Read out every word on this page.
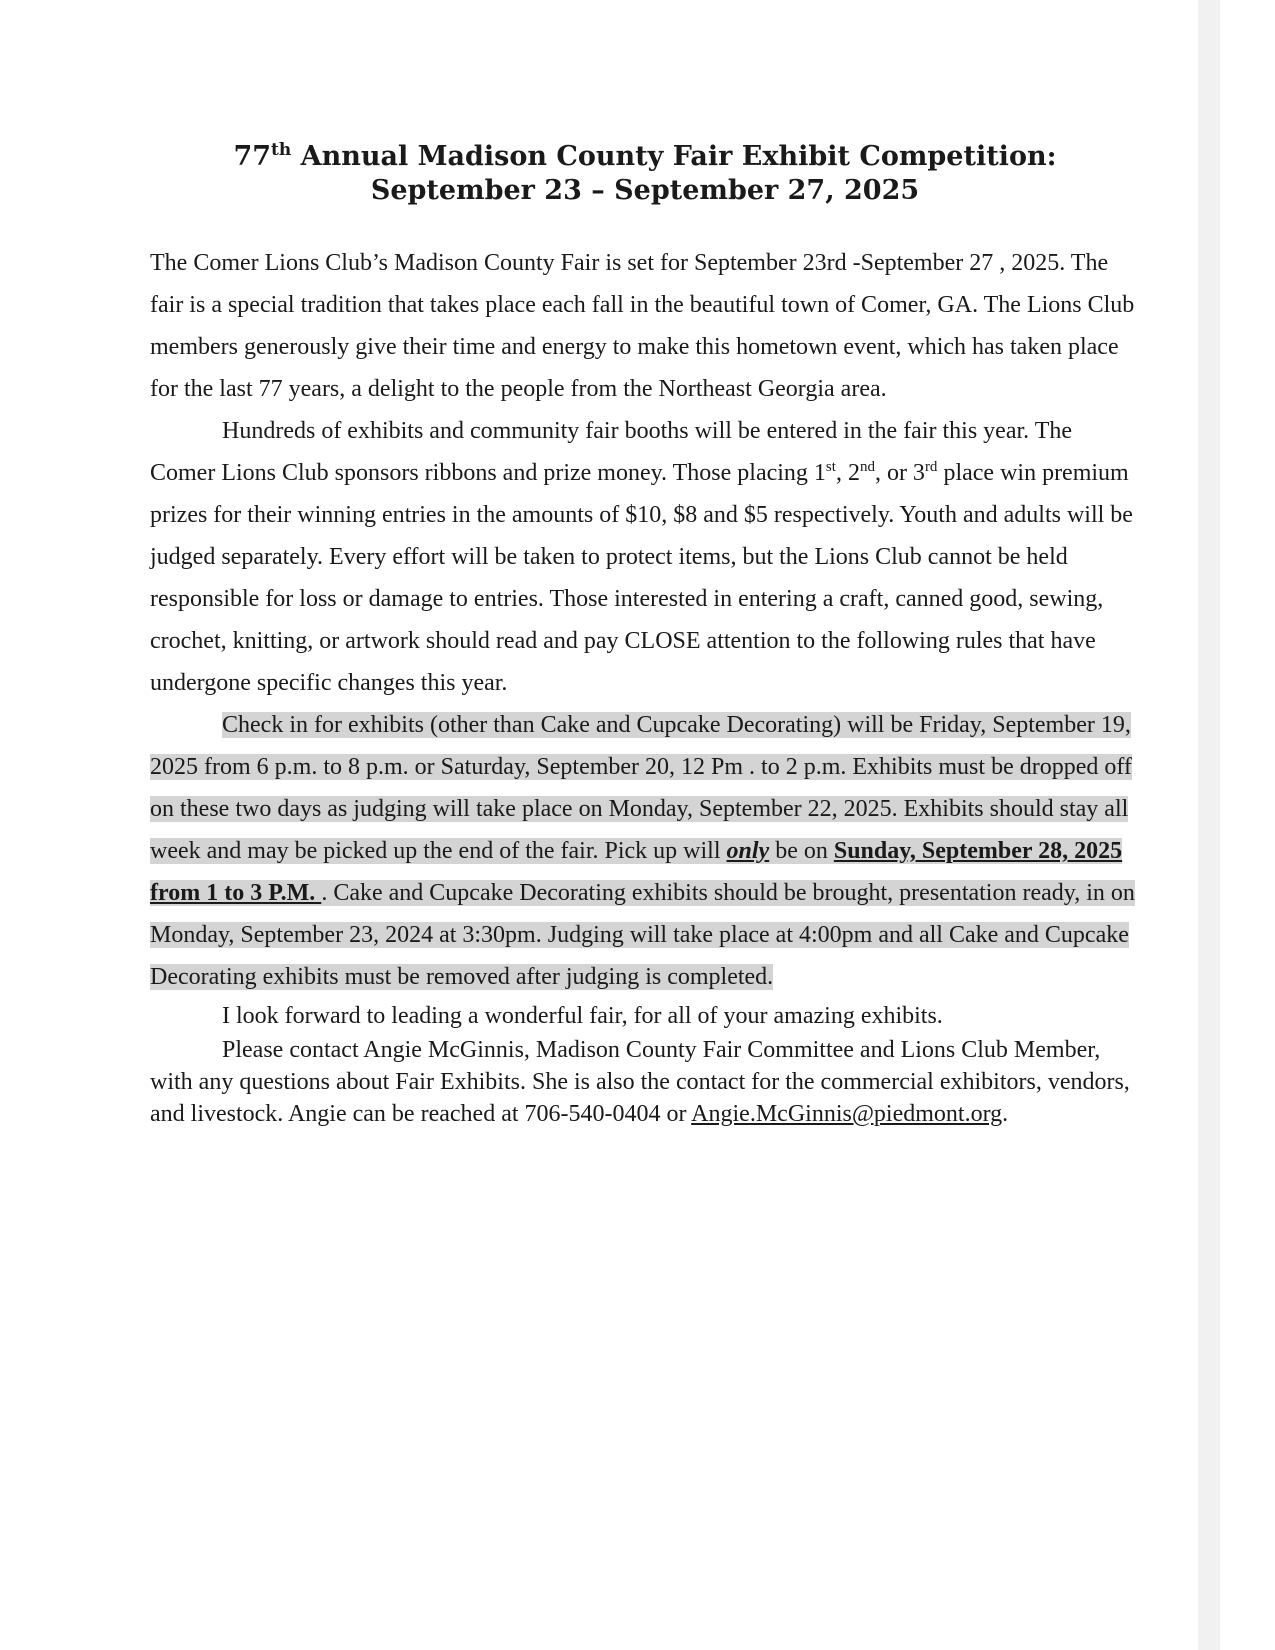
77th Annual Madison County Fair Exhibit Competition:
September 23 – September 27, 2025

The Comer Lions Club’s Madison County Fair is set for September 23rd -September 27 , 2025. The fair is a special tradition that takes place each fall in the beautiful town of Comer, GA. The Lions Club members generously give their time and energy to make this hometown event, which has taken place for the last 77 years, a delight to the people from the Northeast Georgia area.

Hundreds of exhibits and community fair booths will be entered in the fair this year. The Comer Lions Club sponsors ribbons and prize money. Those placing 1st, 2nd, or 3rd place win premium prizes for their winning entries in the amounts of $10, $8 and $5 respectively. Youth and adults will be judged separately. Every effort will be taken to protect items, but the Lions Club cannot be held responsible for loss or damage to entries. Those interested in entering a craft, canned good, sewing, crochet, knitting, or artwork should read and pay CLOSE attention to the following rules that have undergone specific changes this year.

Check in for exhibits (other than Cake and Cupcake Decorating) will be Friday, September 19, 2025 from 6 p.m. to 8 p.m. or Saturday, September 20, 12 Pm . to 2 p.m. Exhibits must be dropped off on these two days as judging will take place on Monday, September 22, 2025. Exhibits should stay all week and may be picked up the end of the fair. Pick up will only be on Sunday, September 28, 2025 from 1 to 3 P.M. . Cake and Cupcake Decorating exhibits should be brought, presentation ready, in on Monday, September 23, 2024 at 3:30pm. Judging will take place at 4:00pm and all Cake and Cupcake Decorating exhibits must be removed after judging is completed.

I look forward to leading a wonderful fair, for all of your amazing exhibits.

Please contact Angie McGinnis, Madison County Fair Committee and Lions Club Member, with any questions about Fair Exhibits. She is also the contact for the commercial exhibitors, vendors, and livestock. Angie can be reached at 706-540-0404 or Angie.McGinnis@piedmont.org.
